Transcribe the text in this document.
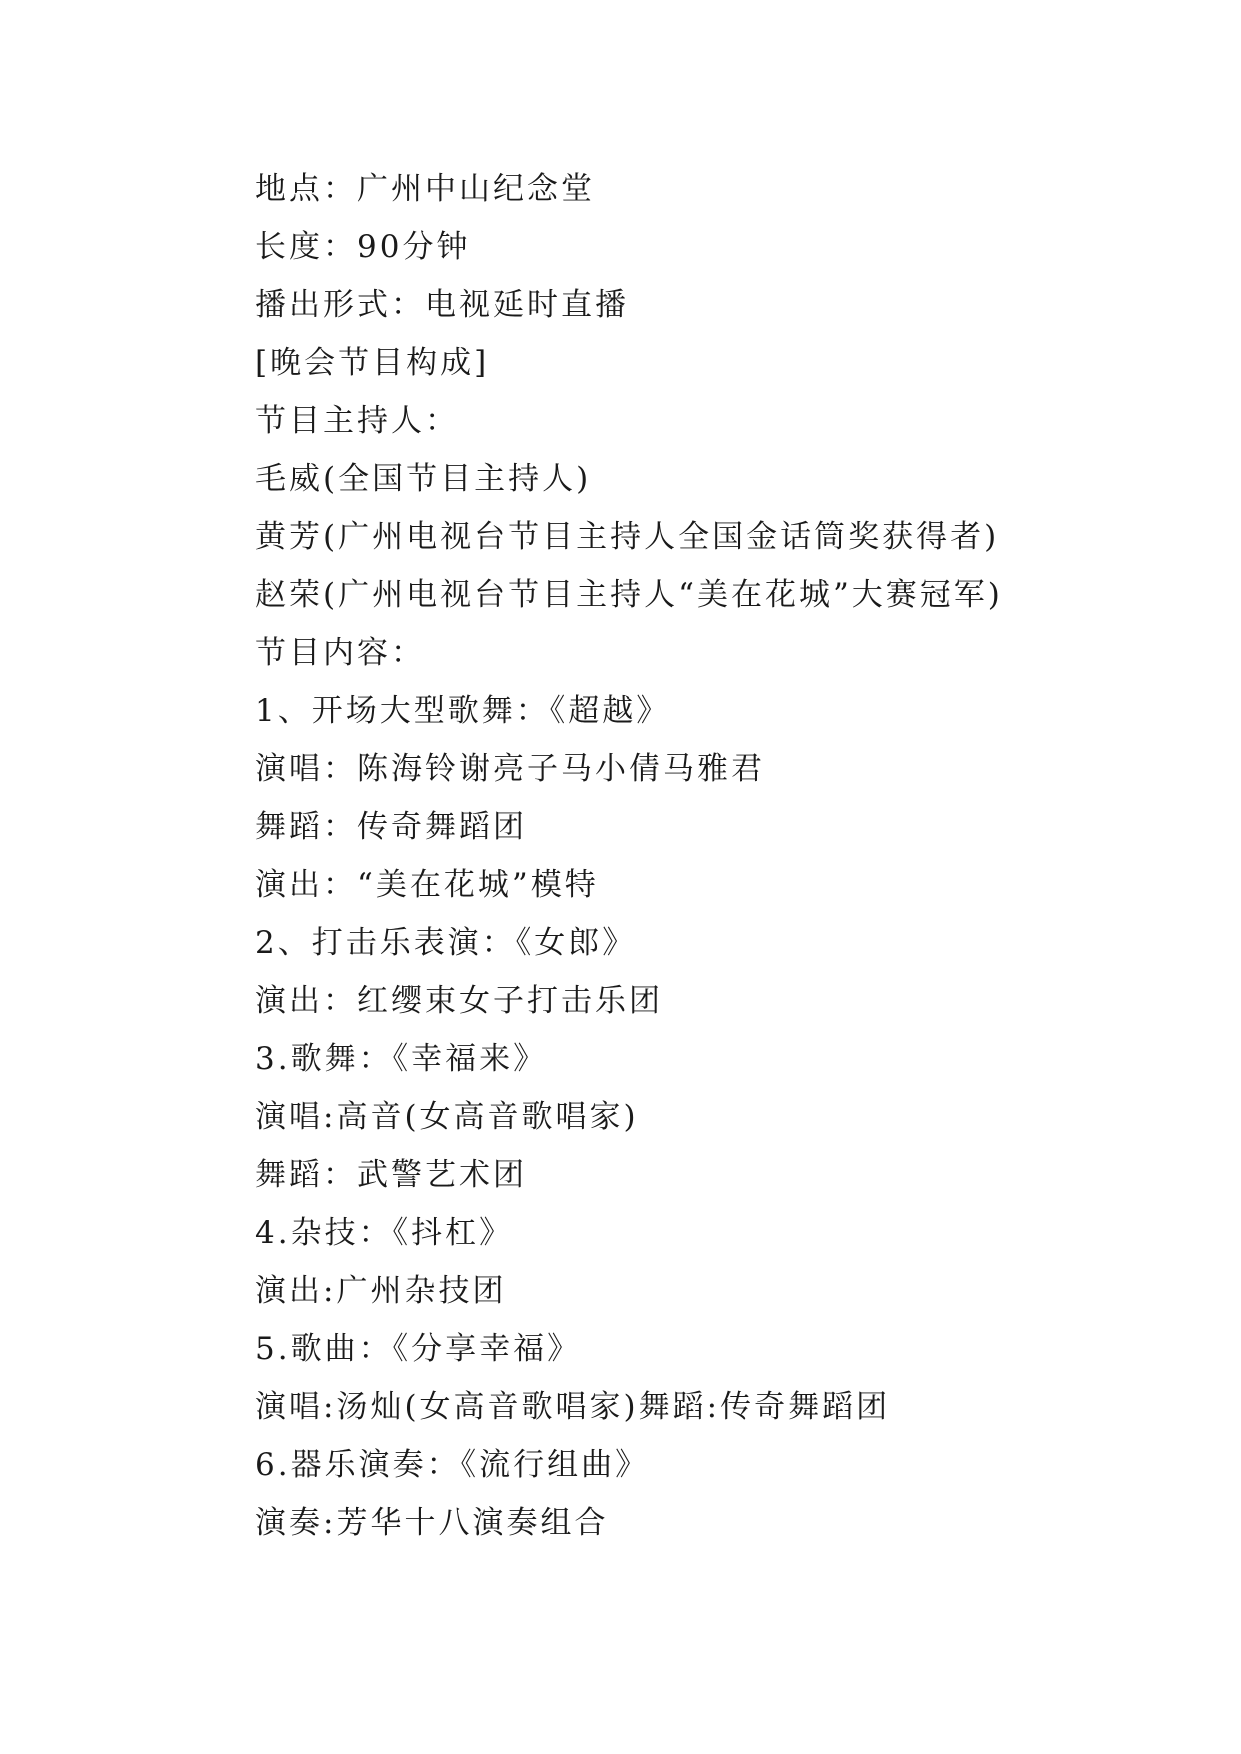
地点：广州中山纪念堂
长度：90分钟
播出形式：电视延时直播
[晚会节目构成]
节目主持人：
毛威(全国节目主持人)
黄芳(广州电视台节目主持人全国金话筒奖获得者)
赵荣(广州电视台节目主持人“美在花城”大赛冠军)
节目内容：
1、开场大型歌舞：《超越》
演唱：陈海铃谢亮子马小倩马雅君
舞蹈：传奇舞蹈团
演出：“美在花城”模特
2、打击乐表演：《女郎》
演出：红缨束女子打击乐团
3.歌舞：《幸福来》
演唱:高音(女高音歌唱家)
舞蹈：武警艺术团
4.杂技：《抖杠》
演出:广州杂技团
5.歌曲：《分享幸福》
演唱:汤灿(女高音歌唱家)舞蹈:传奇舞蹈团
6.器乐演奏：《流行组曲》
演奏:芳华十八演奏组合
